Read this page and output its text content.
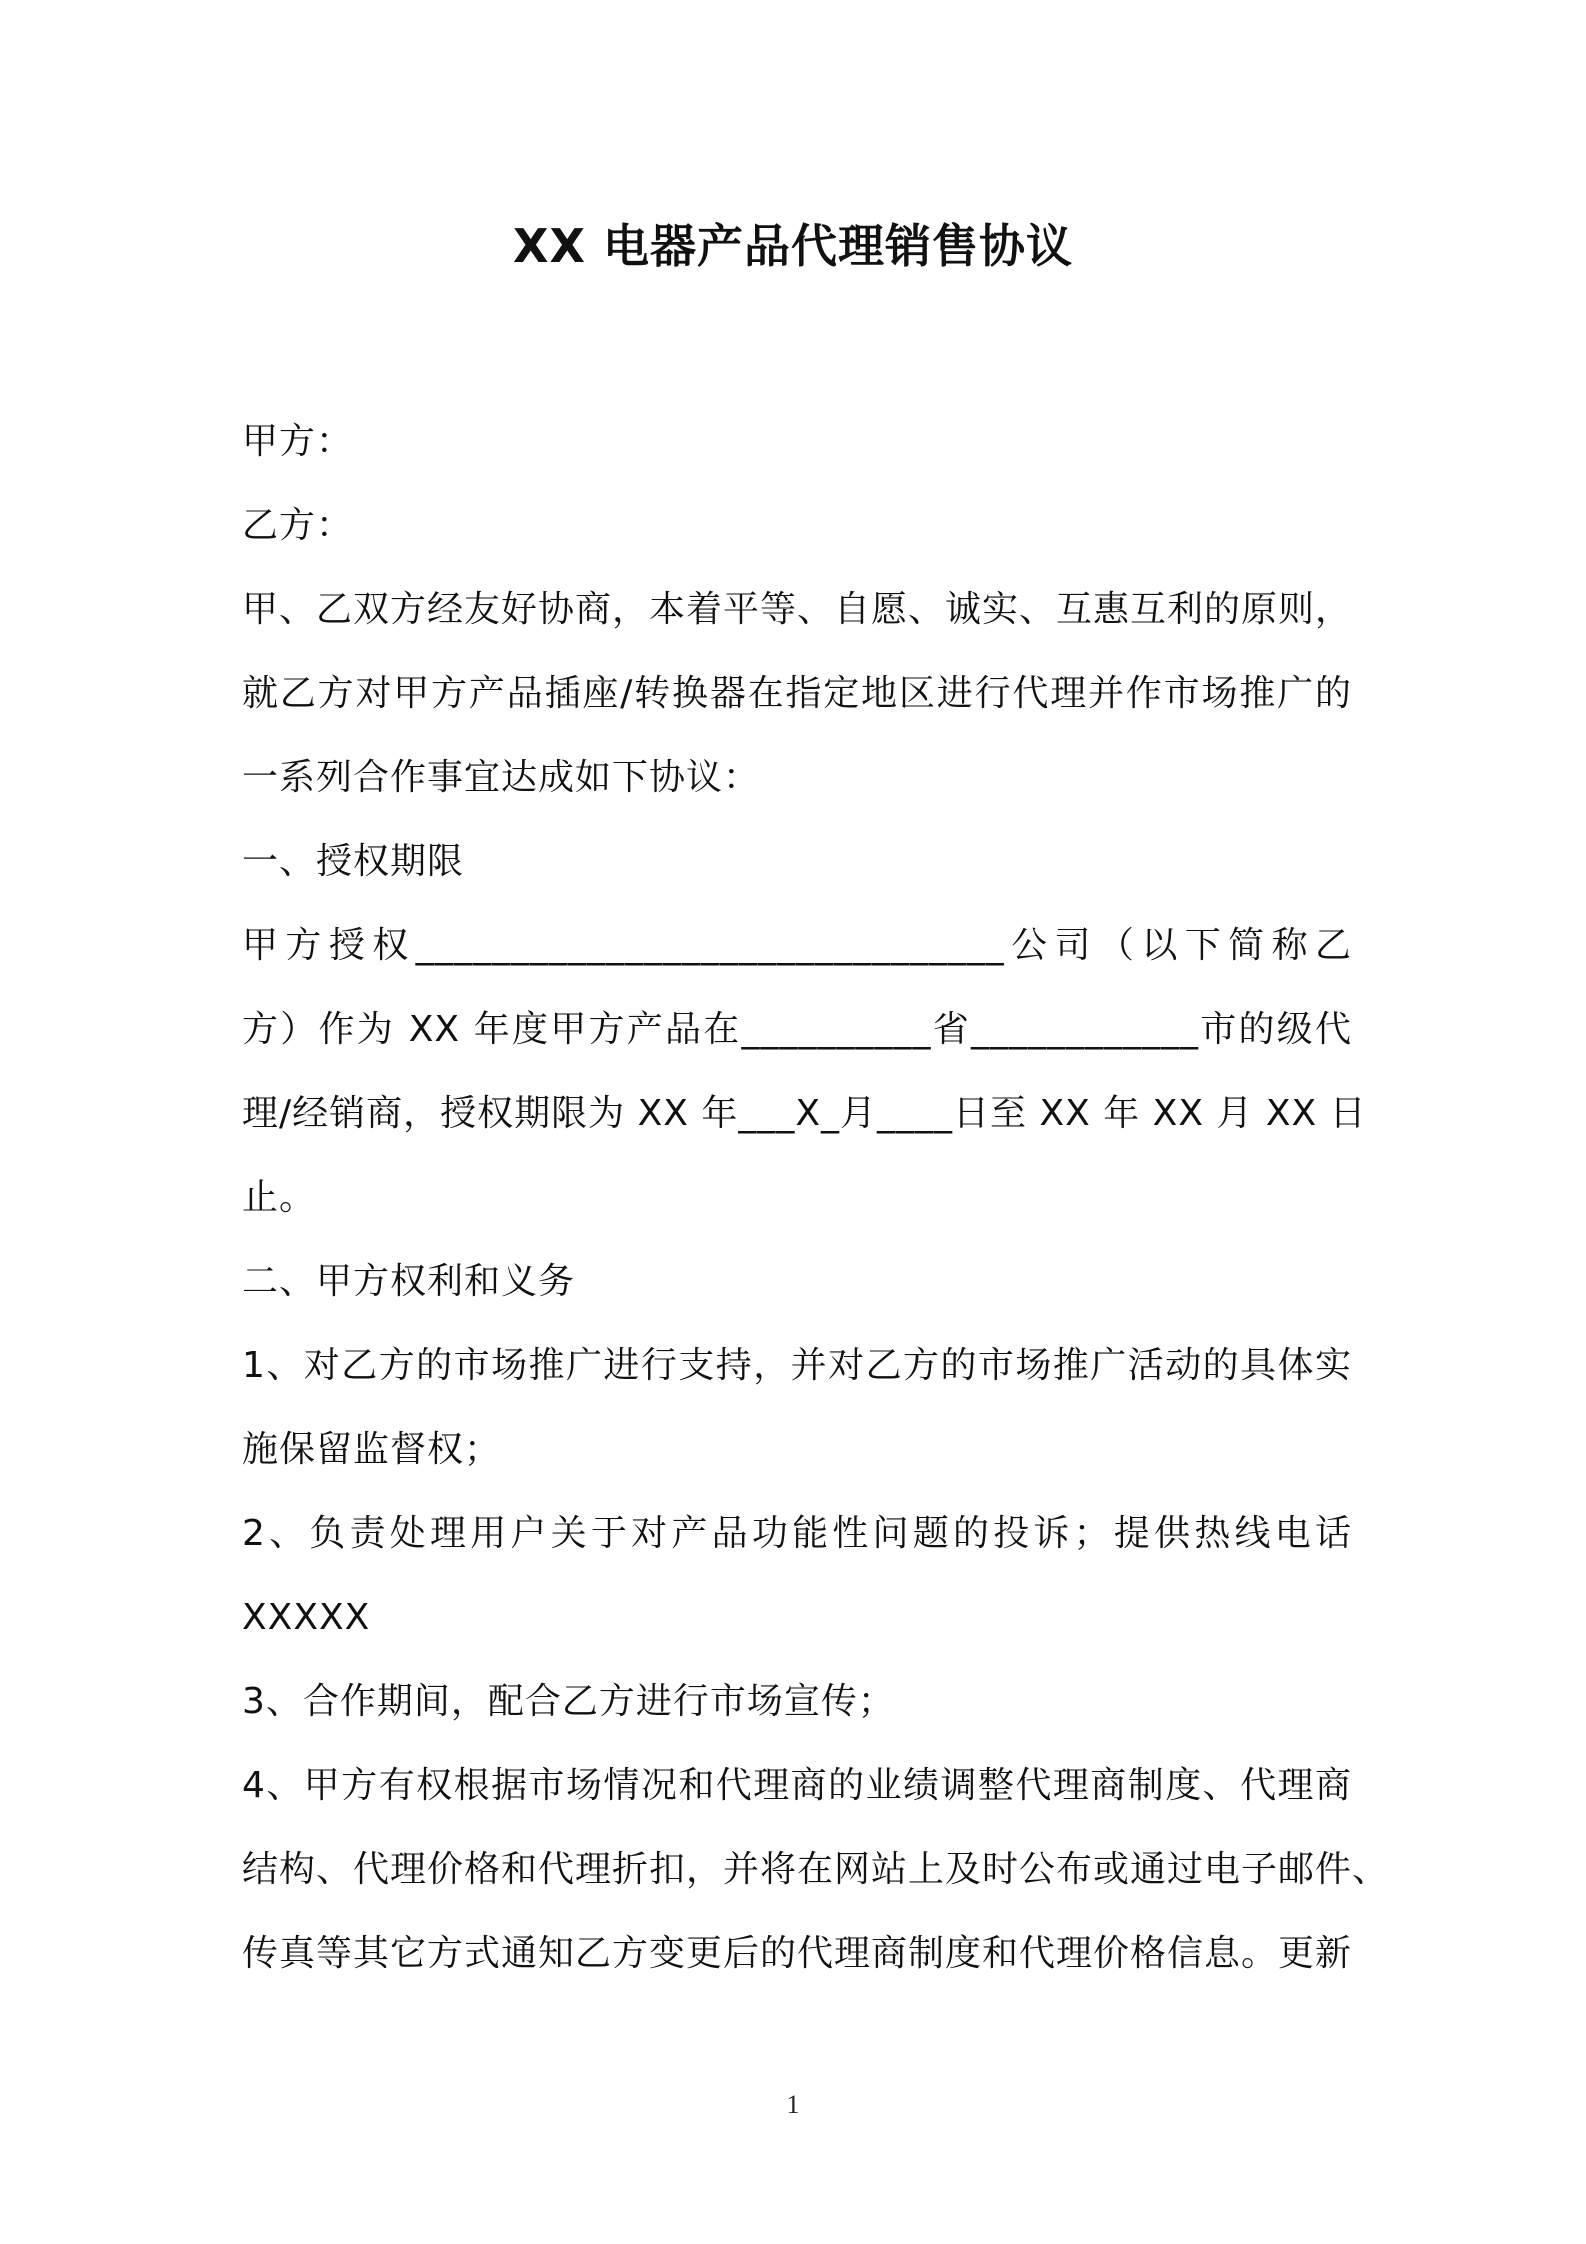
XX 电器产品代理销售协议
甲方：
乙方：
甲、乙双方经友好协商，本着平等、自愿、诚实、互惠互利的原则，
就乙方对甲方产品插座/转换器在指定地区进行代理并作市场推广的
一系列合作事宜达成如下协议：
一、授权期限
甲方授权_______________________________公司（以下简称乙
方）作为 XX 年度甲方产品在__________省____________市的级代
理/经销商，授权期限为 XX 年___X_月____日至 XX 年 XX 月 XX 日
止。
二、甲方权利和义务
1、对乙方的市场推广进行支持，并对乙方的市场推广活动的具体实
施保留监督权；
2、负责处理用户关于对产品功能性问题的投诉；提供热线电话
XXXXX
3、合作期间，配合乙方进行市场宣传；
4、甲方有权根据市场情况和代理商的业绩调整代理商制度、代理商
结构、代理价格和代理折扣，并将在网站上及时公布或通过电子邮件、
传真等其它方式通知乙方变更后的代理商制度和代理价格信息。更新
1
